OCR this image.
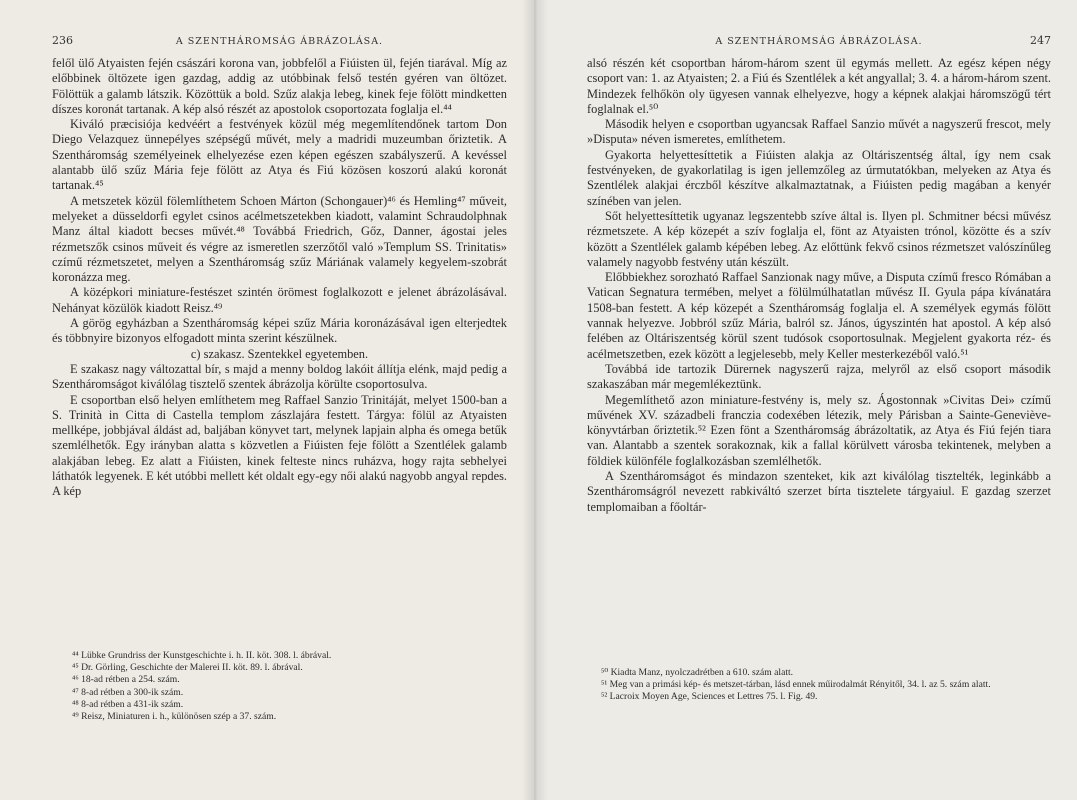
236	A SZENTHÁROMSÁG ÁBRÁZOLÁSA.

felől ülő Atyaisten fején császári korona van, jobbfelől a Fiúisten ül, fején tiarával. Míg az előbbinek öltözete igen gazdag, addig az utóbbinak felső testén gyéren van öltözet. Fölöttük a galamb látszik. Közöttük a bold. Szűz alakja lebeg, kinek feje fölött mindketten díszes koronát tartanak. A kép alsó részét az apostolok csoportozata foglalja el.⁴⁴

Kiváló præcisiója kedvéért a festvények közül még megemlítendőnek tartom Don Diego Velazquez ünnepélyes szépségű művét, mely a madridi muzeumban őriztetik. A Szentháromság személyeinek elhelyezése ezen képen egészen szabályszerű. A kevéssel alantabb ülő szűz Mária feje fölött az Atya és Fiú közösen koszorú alakú koronát tartanak.⁴⁵

A metszetek közül fölemlíthetem Schoen Márton (Schongauer)⁴⁶ és Hemling⁴⁷ műveit, melyeket a düsseldorfi egylet csinos acélmetszetekben kiadott, valamint Schraudolphnak Manz által kiadott becses művét.⁴⁸ Továbbá Friedrich, Gőz, Danner, ágostai jeles rézmetszők csinos műveit és végre az ismeretlen szerzőtől való »Templum SS. Trinitatis» czímű rézmetszetet, melyen a Szentháromság szűz Máriának valamely kegyelem-szobrát koronázza meg.

A középkori miniature-festészet szintén örömest foglalkozott e jelenet ábrázolásával. Nehányat közülök kiadott Reisz.⁴⁹

A görög egyházban a Szentháromság képei szűz Mária koronázásával igen elterjedtek és többnyire bizonyos elfogadott minta szerint készülnek.

c) szakasz. Szentekkel egyetemben.

E szakasz nagy változattal bír, s majd a menny boldog lakóit állítja elénk, majd pedig a Szentháromságot kiválólag tisztelő szentek ábrázolja körülte csoportosulva.

E csoportban első helyen említhetem meg Raffael Sanzio Trinitáját, melyet 1500-ban a S. Trinità in Citta di Castella templom zászlajára festett. Tárgya: fölül az Atyaisten mellképe, jobbjával áldást ad, baljában könyvet tart, melynek lapjain alpha és omega betűk szemlélhetők. Egy irányban alatta s közvetlen a Fiúisten feje fölött a Szentlélek galamb alakjában lebeg. Ez alatt a Fiúisten, kinek felteste nincs ruházva, hogy rajta sebhelyei láthatók legyenek. E két utóbbi mellett két oldalt egy-egy női alakú nagyobb angyal repdes. A kép

⁴⁴ Lübke Grundriss der Kunstgeschichte i. h. II. köt. 308. l. ábrával.
⁴⁵ Dr. Görling, Geschichte der Malerei II. köt. 89. l. ábrával.
⁴⁶ 18-ad rétben a 254. szám.
⁴⁷ 8-ad rétben a 300-ik szám.
⁴⁸ 8-ad rétben a 431-ik szám.
⁴⁹ Reisz, Miniaturen i. h., különösen szép a 37. szám.
A SZENTHÁROMSÁG ÁBRÁZOLÁSA.	247

alsó részén két csoportban három-három szent ül egymás mellett. Az egész képen négy csoport van: 1. az Atyaisten; 2. a Fiú és Szentlélek a két angyallal; 3. 4. a három-három szent. Mindezek felhőkön oly ügyesen vannak elhelyezve, hogy a képnek alakjai háromszögű tért foglalnak el.⁵⁰

Második helyen e csoportban ugyancsak Raffael Sanzio művét a nagyszerű frescot, mely »Disputa» néven ismeretes, említhetem.

Gyakorta helyettesíttetik a Fiúisten alakja az Oltáriszentség által, így nem csak festvényeken, de gyakorlatilag is igen jellemzőleg az úrmutatókban, melyeken az Atya és Szentlélek alakjai érczből készítve alkalmaztatnak, a Fiúisten pedig magában a kenyér színében van jelen.

Sőt helyettesíttetik ugyanaz legszentebb szíve által is. Ilyen pl. Schmitner bécsi művész rézmetszete. A kép közepét a szív foglalja el, fönt az Atyaisten trónol, közötte és a szív között a Szentlélek galamb képében lebeg. Az előttünk fekvő csinos rézmetszet valószínűleg valamely nagyobb festvény után készült.

Előbbiekhez sorozható Raffael Sanzionak nagy műve, a Disputa czímű fresco Rómában a Vatican Segnatura termében, melyet a fölülmúlhatatlan művész II. Gyula pápa kívánatára 1508-ban festett. A kép közepét a Szentháromság foglalja el. A személyek egymás fölött vannak helyezve. Jobbról szűz Mária, balról sz. János, úgyszintén hat apostol. A kép alsó felében az Oltáriszentség körül szent tudósok csoportosulnak. Megjelent gyakorta réz- és acélmetszetben, ezek között a legjelesebb, mely Keller mesterkezéből való.⁵¹

Továbbá ide tartozik Dürernek nagyszerű rajza, melyről az első csoport második szakaszában már megemlékeztünk.

Megemlíthető azon miniature-festvény is, mely sz. Ágostonnak »Civitas Dei» czímű művének XV. századbeli franczia codexében létezik, mely Párisban a Sainte-Geneviève-könyvtárban őriztetik.⁵² Ezen fönt a Szentháromság ábrázoltatik, az Atya és Fiú fején tiara van. Alantabb a szentek sorakoznak, kik a fallal körülvett városba tekintenek, melyben a földiek különféle foglalkozásban szemlélhetők.

A Szentháromságot és mindazon szenteket, kik azt kiválólag tisztelték, leginkább a Szentháromságról nevezett rabkiváltó szerzet bírta tisztelete tárgyaiul. E gazdag szerzet templomaiban a főoltár-

⁵⁰ Kiadta Manz, nyolczadrétben a 610. szám alatt.
⁵¹ Meg van a primási kép- és metszet-tárban, lásd ennek műirodalmát Rényitől, 34. l. az 5. szám alatt.
⁵² Lacroix Moyen Age, Sciences et Lettres 75. l. Fig. 49.
